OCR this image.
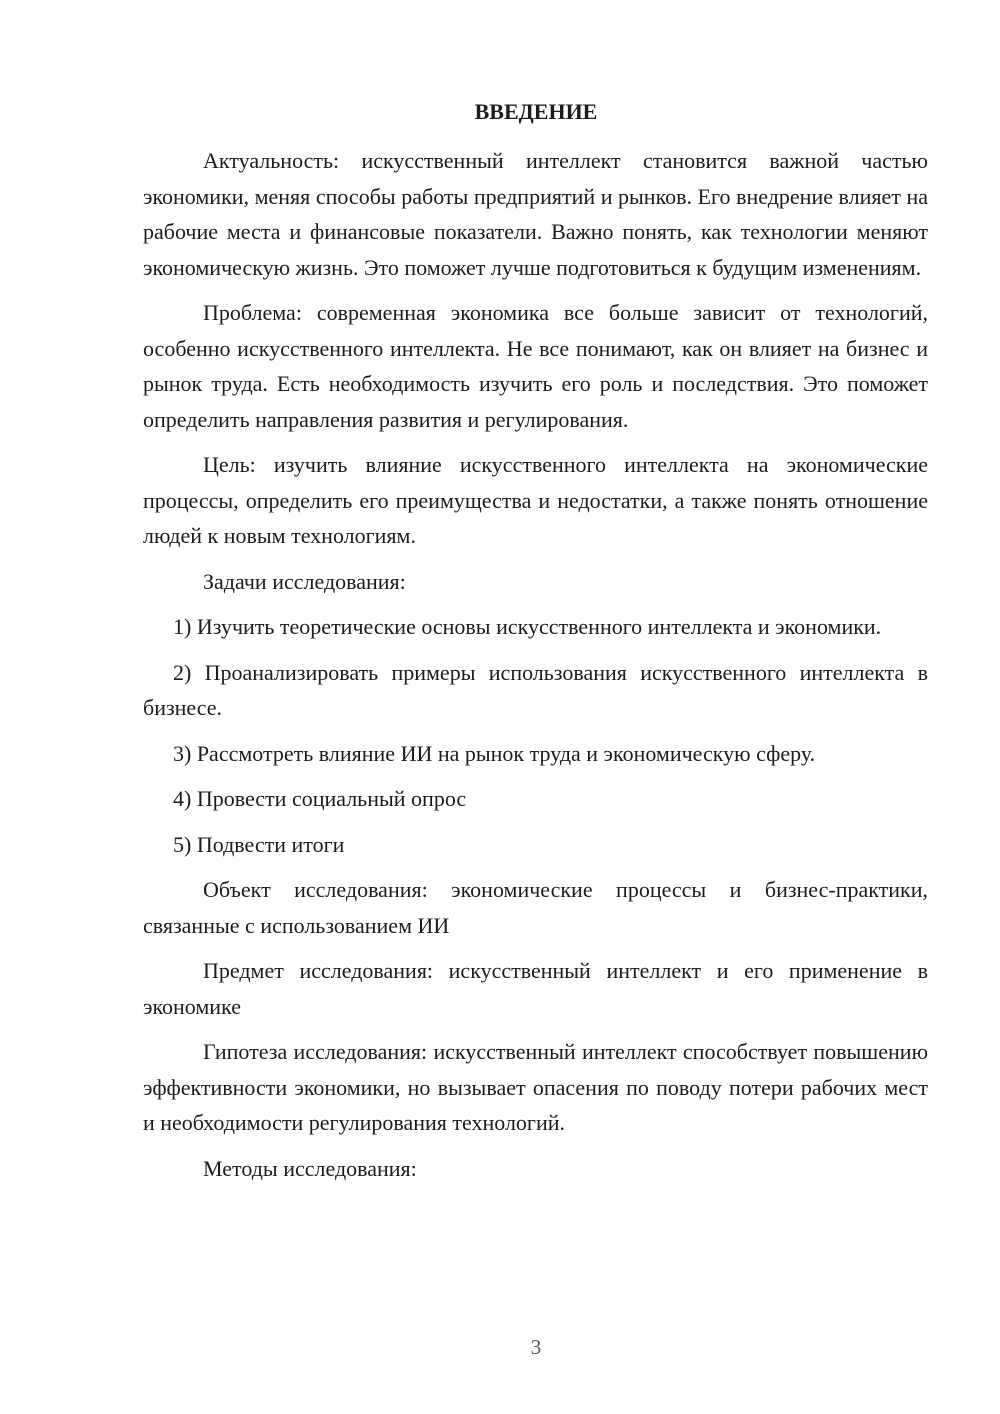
ВВЕДЕНИЕ

Актуальность: искусственный интеллект становится важной частью экономики, меняя способы работы предприятий и рынков. Его внедрение влияет на рабочие места и финансовые показатели. Важно понять, как технологии меняют экономическую жизнь. Это поможет лучше подготовиться к будущим изменениям.

Проблема: современная экономика все больше зависит от технологий, особенно искусственного интеллекта. Не все понимают, как он влияет на бизнес и рынок труда. Есть необходимость изучить его роль и последствия. Это поможет определить направления развития и регулирования.

Цель: изучить влияние искусственного интеллекта на экономические процессы, определить его преимущества и недостатки, а также понять отношение людей к новым технологиям.

Задачи исследования:

1) Изучить теоретические основы искусственного интеллекта и экономики.

2) Проанализировать примеры использования искусственного интеллекта в бизнесе.

3) Рассмотреть влияние ИИ на рынок труда и экономическую сферу.

4) Провести социальный опрос

5) Подвести итоги

Объект исследования: экономические процессы и бизнес-практики, связанные с использованием ИИ

Предмет исследования: искусственный интеллект и его применение в экономике

Гипотеза исследования: искусственный интеллект способствует повышению эффективности экономики, но вызывает опасения по поводу потери рабочих мест и необходимости регулирования технологий.

Методы исследования:

3
